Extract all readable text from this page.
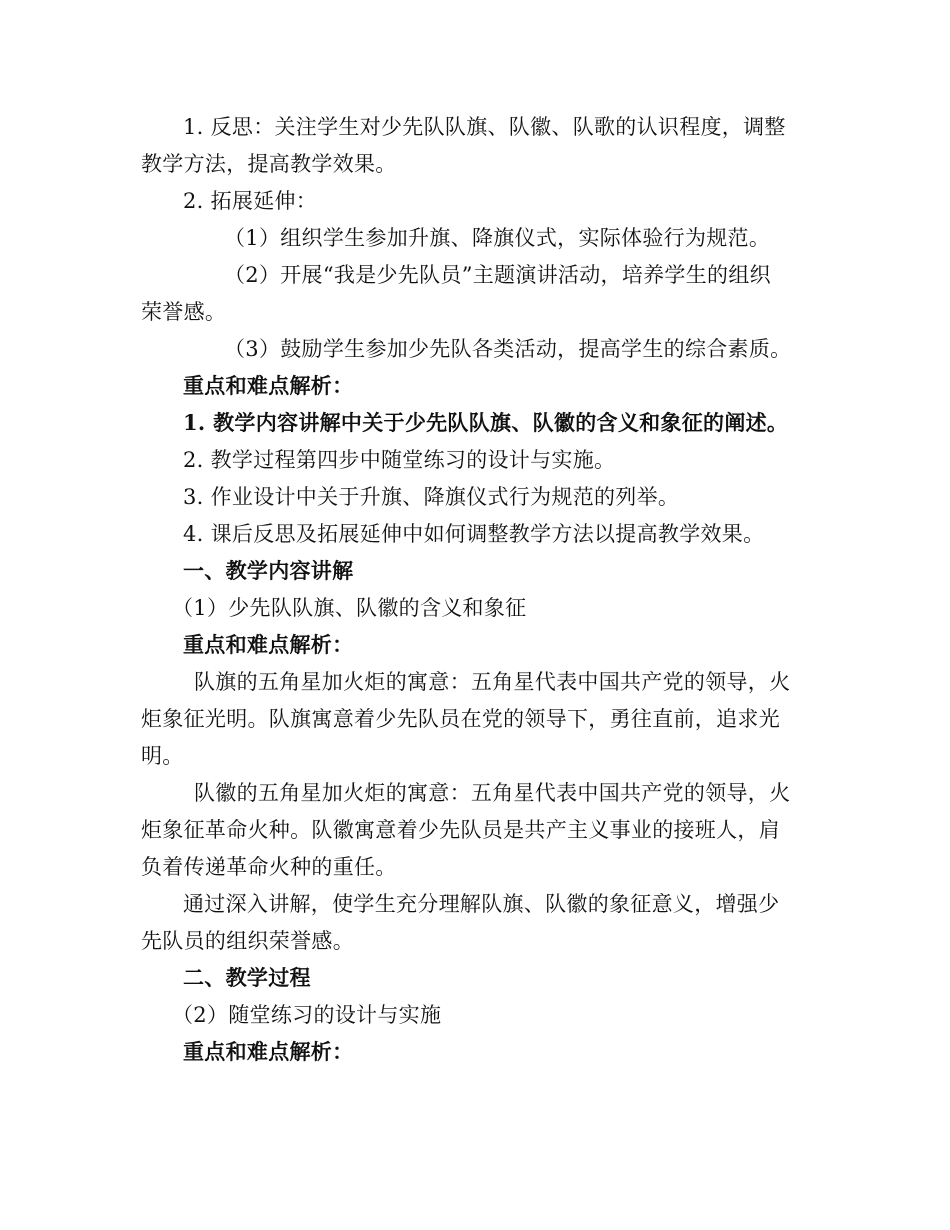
1. 反思：关注学生对少先队队旗、队徽、队歌的认识程度，调整
教学方法，提高教学效果。
2. 拓展延伸：
（1）组织学生参加升旗、降旗仪式，实际体验行为规范。
（2）开展“我是少先队员”主题演讲活动，培养学生的组织
荣誉感。
（3）鼓励学生参加少先队各类活动，提高学生的综合素质。
重点和难点解析：
1. 教学内容讲解中关于少先队队旗、队徽的含义和象征的阐述。
2. 教学过程第四步中随堂练习的设计与实施。
3. 作业设计中关于升旗、降旗仪式行为规范的列举。
4. 课后反思及拓展延伸中如何调整教学方法以提高教学效果。
一、教学内容讲解
（1）少先队队旗、队徽的含义和象征
重点和难点解析：
队旗的五角星加火炬的寓意：五角星代表中国共产党的领导，火
炬象征光明。队旗寓意着少先队员在党的领导下，勇往直前，追求光
明。
队徽的五角星加火炬的寓意：五角星代表中国共产党的领导，火
炬象征革命火种。队徽寓意着少先队员是共产主义事业的接班人，肩
负着传递革命火种的重任。
通过深入讲解，使学生充分理解队旗、队徽的象征意义，增强少
先队员的组织荣誉感。
二、教学过程
（2）随堂练习的设计与实施
重点和难点解析：
